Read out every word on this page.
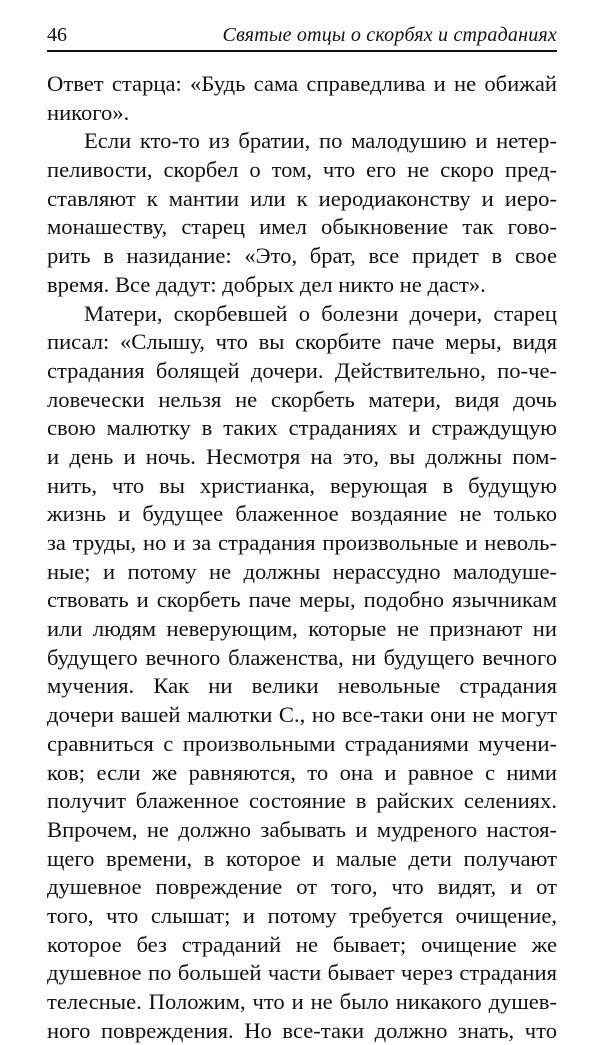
46	Святые отцы о скорбях и страданиях
Ответ старца: «Будь сама справедлива и не обижай
никого».
Если кто-то из братии, по малодушию и нетер-
пеливости, скорбел о том, что его не скоро пред-
ставляют к мантии или к иеродиаконству и иеро-
монашеству, старец имел обыкновение так гово-
рить в назидание: «Это, брат, все придет в свое
время. Все дадут: добрых дел никто не даст».
Матери, скорбевшей о болезни дочери, старец
писал: «Слышу, что вы скорбите паче меры, видя
страдания болящей дочери. Действительно, по-че-
ловечески нельзя не скорбеть матери, видя дочь
свою малютку в таких страданиях и страждущую
и день и ночь. Несмотря на это, вы должны пом-
нить, что вы христианка, верующая в будущую
жизнь и будущее блаженное воздаяние не только
за труды, но и за страдания произвольные и неволь-
ные; и потому не должны нерассудно малодуше-
ствовать и скорбеть паче меры, подобно язычникам
или людям неверующим, которые не признают ни
будущего вечного блаженства, ни будущего вечного
мучения. Как ни велики невольные страдания
дочери вашей малютки С., но все-таки они не могут
сравниться с произвольными страданиями мучени-
ков; если же равняются, то она и равное с ними
получит блаженное состояние в райских селениях.
Впрочем, не должно забывать и мудреного настоя-
щего времени, в которое и малые дети получают
душевное повреждение от того, что видят, и от
того, что слышат; и потому требуется очищение,
которое без страданий не бывает; очищение же
душевное по большей части бывает через страдания
телесные. Положим, что и не было никакого душев-
ного повреждения. Но все-таки должно знать, что
